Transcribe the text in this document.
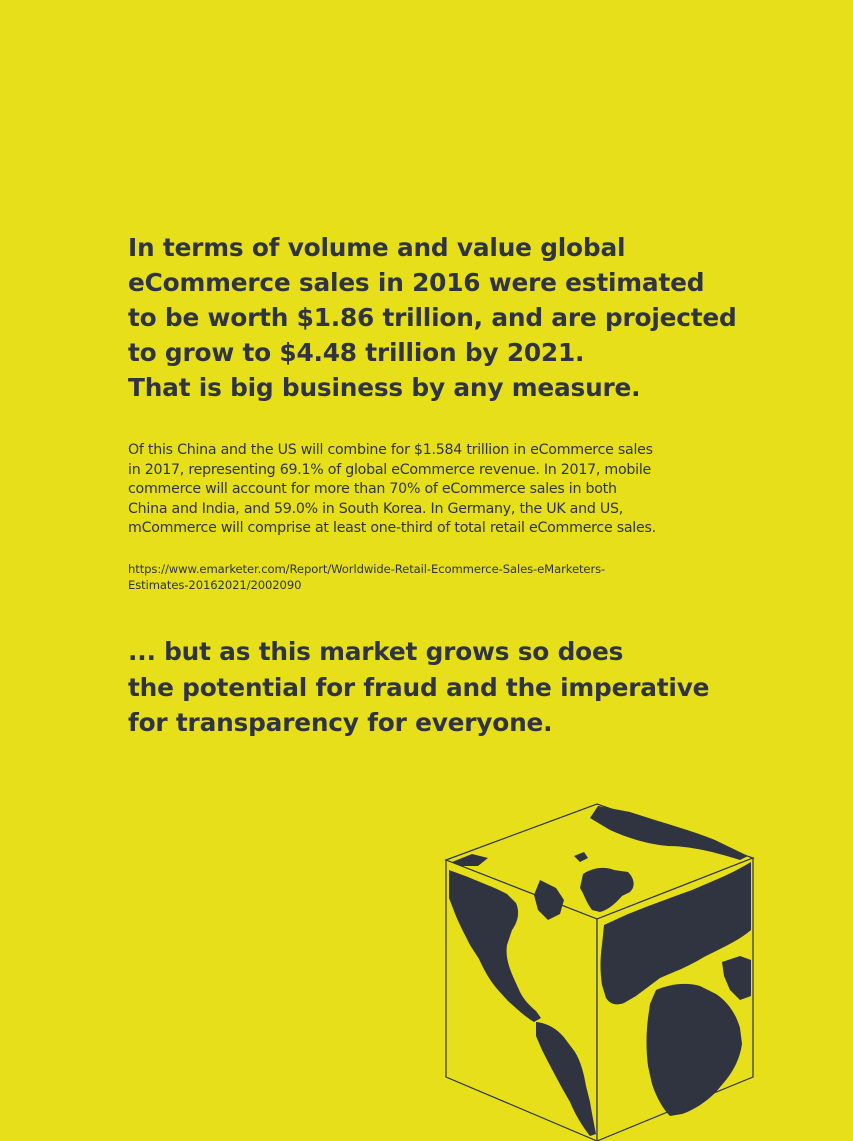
In terms of volume and value global
eCommerce sales in 2016 were estimated
to be worth $1.86 trillion, and are projected
to grow to $4.48 trillion by 2021.
That is big business by any measure.

Of this China and the US will combine for $1.584 trillion in eCommerce sales
in 2017, representing 69.1% of global eCommerce revenue. In 2017, mobile
commerce will account for more than 70% of eCommerce sales in both
China and India, and 59.0% in South Korea. In Germany, the UK and US,
mCommerce will comprise at least one-third of total retail eCommerce sales.

https://www.emarketer.com/Report/Worldwide-Retail-Ecommerce-Sales-eMarketers-
Estimates-20162021/2002090
... but as this market grows so does
the potential for fraud and the imperative
for transparency for everyone.
